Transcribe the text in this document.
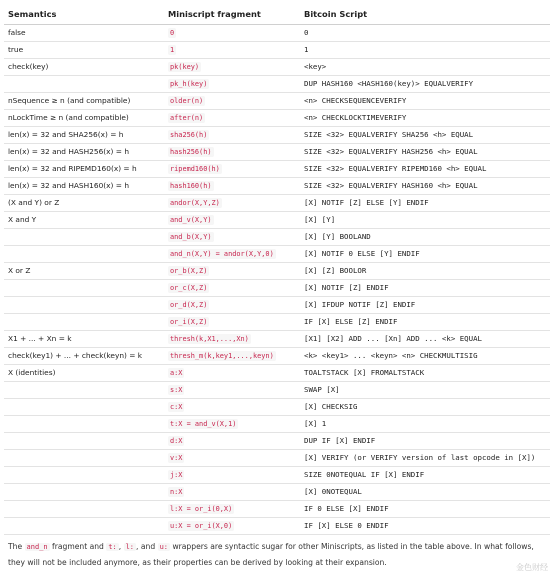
Semantics	Miniscript fragment	Bitcoin Script
false	0	0
true	1	1
check(key)	pk(key)	<key>
	pk_h(key)	DUP HASH160 <HASH160(key)> EQUALVERIFY
nSequence ≥ n (and compatible)	older(n)	<n> CHECKSEQUENCEVERIFY
nLockTime ≥ n (and compatible)	after(n)	<n> CHECKLOCKTIMEVERIFY
len(x) = 32 and SHA256(x) = h	sha256(h)	SIZE <32> EQUALVERIFY SHA256 <h> EQUAL
len(x) = 32 and HASH256(x) = h	hash256(h)	SIZE <32> EQUALVERIFY HASH256 <h> EQUAL
len(x) = 32 and RIPEMD160(x) = h	ripemd160(h)	SIZE <32> EQUALVERIFY RIPEMD160 <h> EQUAL
len(x) = 32 and HASH160(x) = h	hash160(h)	SIZE <32> EQUALVERIFY HASH160 <h> EQUAL
(X and Y) or Z	andor(X,Y,Z)	[X] NOTIF [Z] ELSE [Y] ENDIF
X and Y	and_v(X,Y)	[X] [Y]
	and_b(X,Y)	[X] [Y] BOOLAND
	and_n(X,Y) = andor(X,Y,0)	[X] NOTIF 0 ELSE [Y] ENDIF
X or Z	or_b(X,Z)	[X] [Z] BOOLOR
	or_c(X,Z)	[X] NOTIF [Z] ENDIF
	or_d(X,Z)	[X] IFDUP NOTIF [Z] ENDIF
	or_i(X,Z)	IF [X] ELSE [Z] ENDIF
X1 + ... + Xn = k	thresh(k,X1,...,Xn)	[X1] [X2] ADD ... [Xn] ADD ... <k> EQUAL
check(key1) + ... + check(keyn) = k	thresh_m(k,key1,...,keyn)	<k> <key1> ... <keyn> <n> CHECKMULTISIG
X (identities)	a:X	TOALTSTACK [X] FROMALTSTACK
	s:X	SWAP [X]
	c:X	[X] CHECKSIG
	t:X = and_v(X,1)	[X] 1
	d:X	DUP IF [X] ENDIF
	v:X	[X] VERIFY (or VERIFY version of last opcode in [X])
	j:X	SIZE 0NOTEQUAL IF [X] ENDIF
	n:X	[X] 0NOTEQUAL
	l:X = or_i(0,X)	IF 0 ELSE [X] ENDIF
	u:X = or_i(X,0)	IF [X] ELSE 0 ENDIF
The and_n fragment and t: , l: , and u: wrappers are syntactic sugar for other Miniscripts, as listed in the table above. In what follows, they will not be included anymore, as their properties can be derived by looking at their expansion.
金色财经
